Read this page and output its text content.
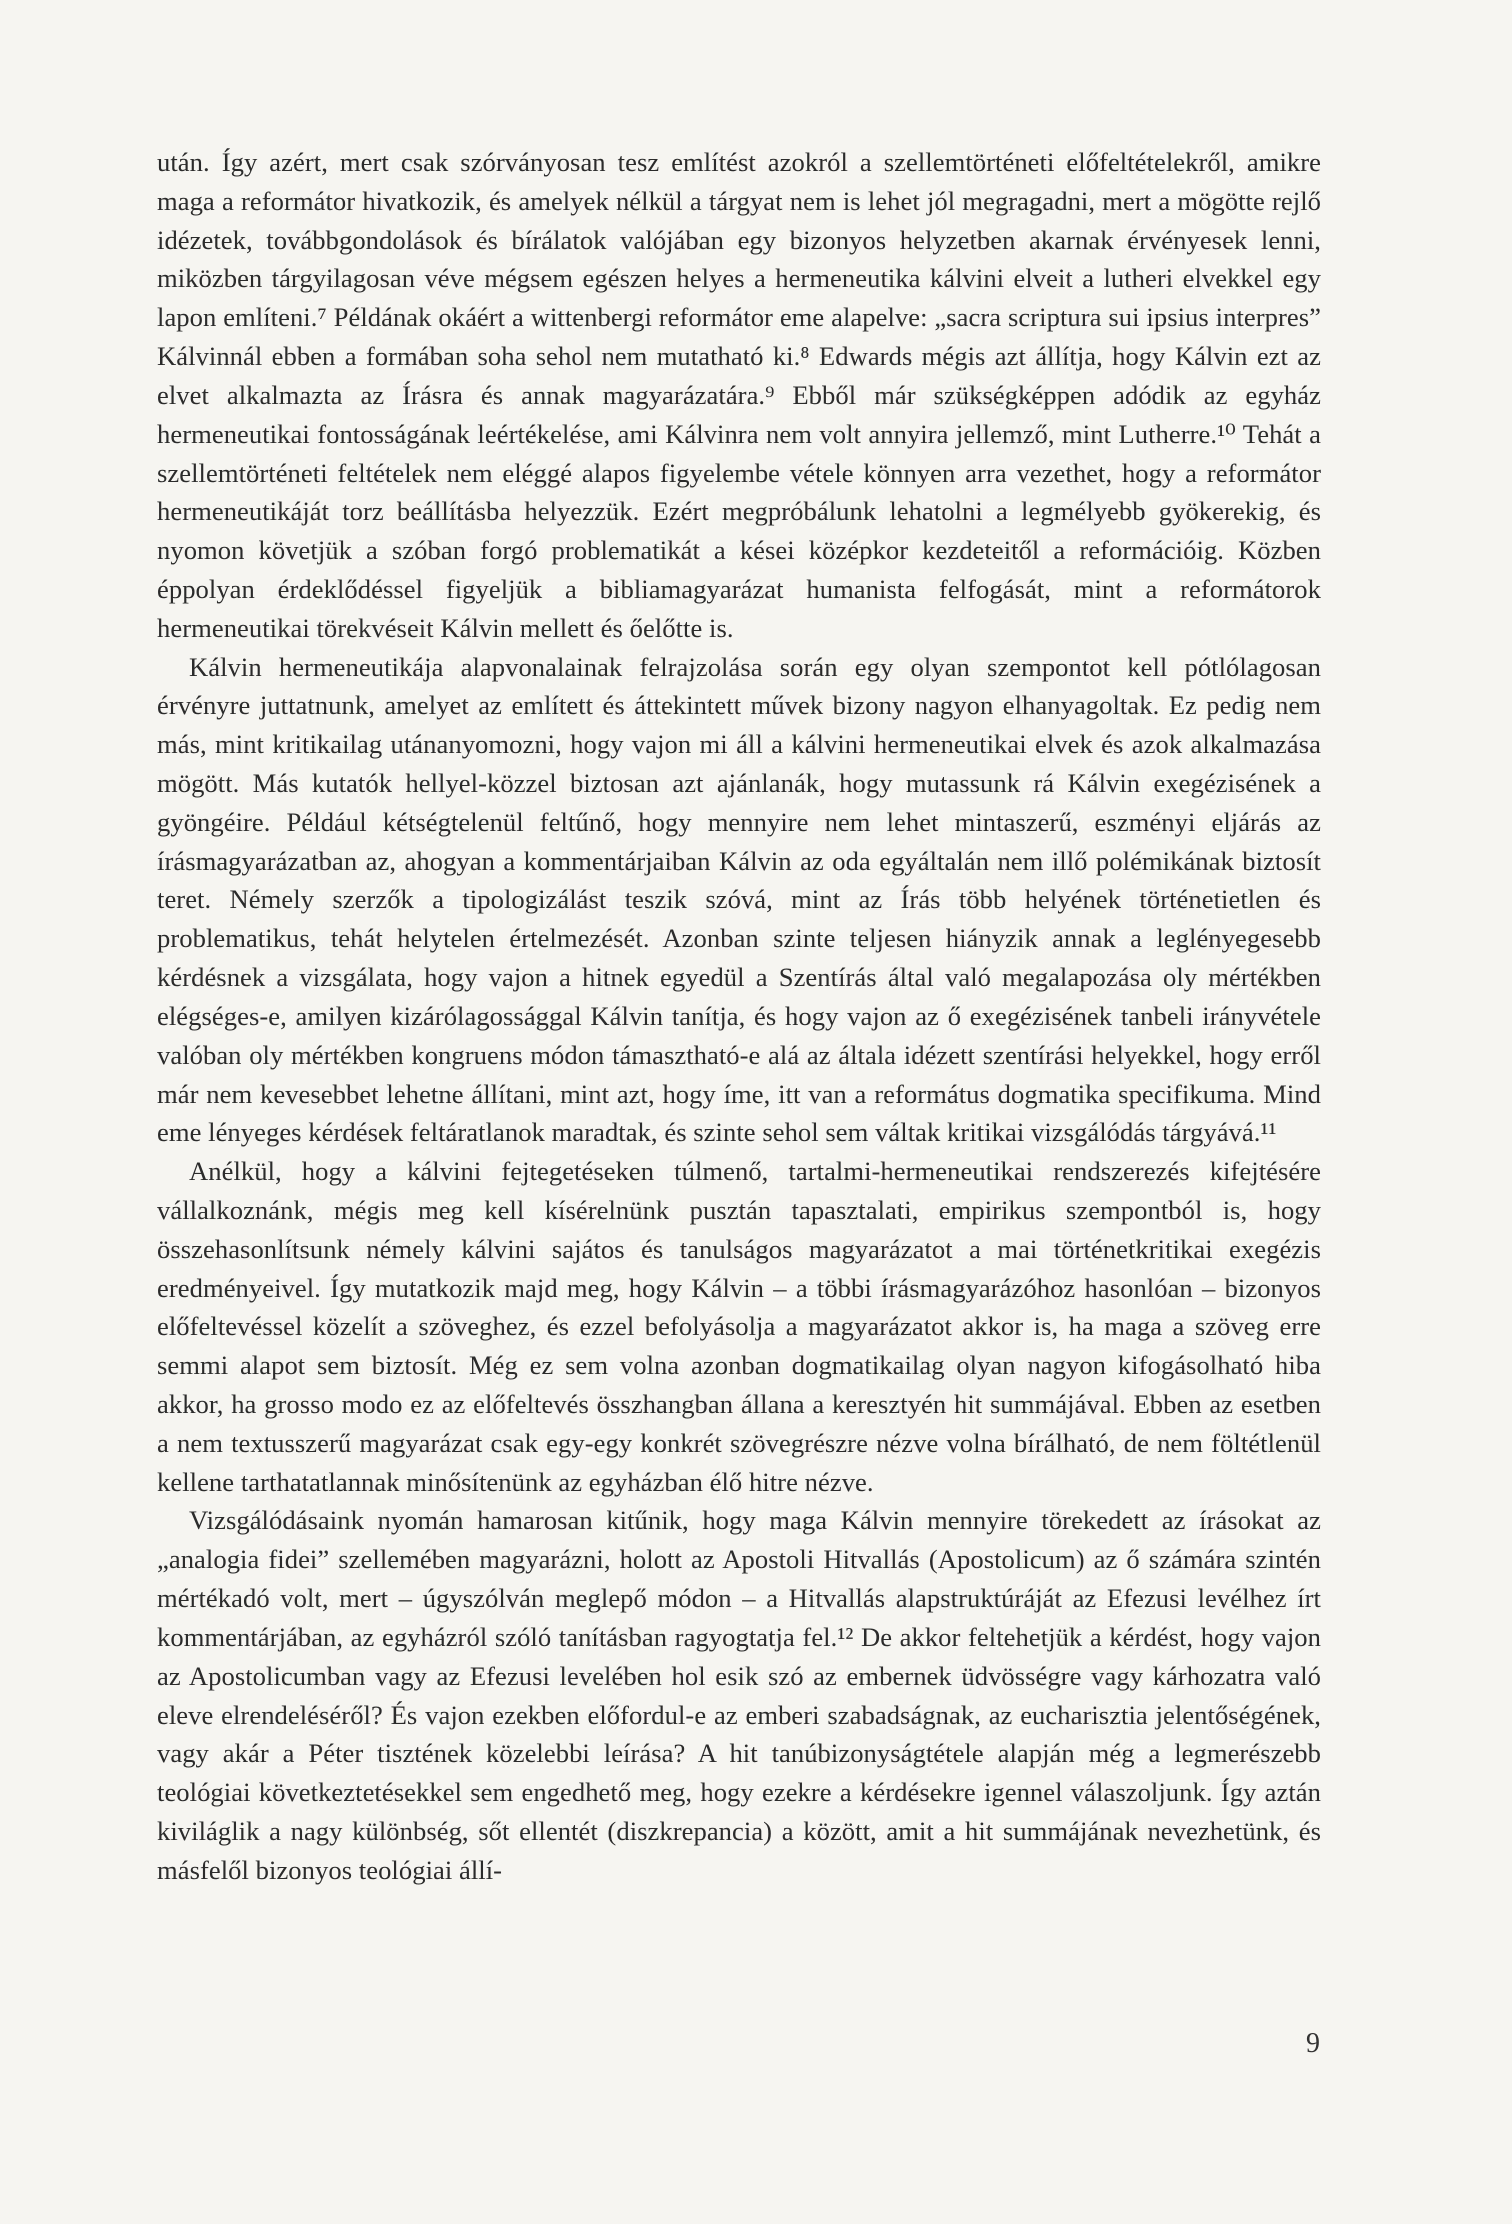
után. Így azért, mert csak szórványosan tesz említést azokról a szellemtörténeti előfeltételekről, amikre maga a reformátor hivatkozik, és amelyek nélkül a tárgyat nem is lehet jól megragadni, mert a mögötte rejlő idézetek, továbbgondolások és bírálatok valójában egy bizonyos helyzetben akarnak érvényesek lenni, miközben tárgyilagosan véve mégsem egészen helyes a hermeneutika kálvini elveit a lutheri elvekkel egy lapon említeni.⁷ Példának okáért a wittenbergi reformátor eme alapelve: „sacra scriptura sui ipsius interpres” Kálvinnál ebben a formában soha sehol nem mutatható ki.⁸ Edwards mégis azt állítja, hogy Kálvin ezt az elvet alkalmazta az Írásra és annak magyarázatára.⁹ Ebből már szükségképpen adódik az egyház hermeneutikai fontosságának leértékelése, ami Kálvinra nem volt annyira jellemző, mint Lutherre.¹⁰ Tehát a szellemtörténeti feltételek nem eléggé alapos figyelembe vétele könnyen arra vezethet, hogy a reformátor hermeneutikáját torz beállításba helyezzük. Ezért megpróbálunk lehatolni a legmélyebb gyökerekig, és nyomon követjük a szóban forgó problematikát a kései középkor kezdeteitől a reformációig. Közben éppolyan érdeklődéssel figyeljük a bibliamagyarázat humanista felfogását, mint a reformátorok hermeneutikai törekvéseit Kálvin mellett és őelőtte is.

Kálvin hermeneutikája alapvonalainak felrajzolása során egy olyan szempontot kell pótlólagosan érvényre juttatnunk, amelyet az említett és áttekintett művek bizony nagyon elhanyagoltak. Ez pedig nem más, mint kritikailag utánanyomozni, hogy vajon mi áll a kálvini hermeneutikai elvek és azok alkalmazása mögött. Más kutatók hellyel-közzel biztosan azt ajánlanák, hogy mutassunk rá Kálvin exegézisének a gyöngéire. Például kétségtelenül feltűnő, hogy mennyire nem lehet mintaszerű, eszményi eljárás az írásmagyarázatban az, ahogyan a kommentárjaiban Kálvin az oda egyáltalán nem illő polémikának biztosít teret. Némely szerzők a tipologizálást teszik szóvá, mint az Írás több helyének történetietlen és problematikus, tehát helytelen értelmezését. Azonban szinte teljesen hiányzik annak a leglényegesebb kérdésnek a vizsgálata, hogy vajon a hitnek egyedül a Szentírás által való megalapozása oly mértékben elégséges-e, amilyen kizárólagossággal Kálvin tanítja, és hogy vajon az ő exegézisének tanbeli irányvétele valóban oly mértékben kongruens módon támasztható-e alá az általa idézett szentírási helyekkel, hogy erről már nem kevesebbet lehetne állítani, mint azt, hogy íme, itt van a református dogmatika specifikuma. Mind eme lényeges kérdések feltáratlanok maradtak, és szinte sehol sem váltak kritikai vizsgálódás tárgyává.¹¹

Anélkül, hogy a kálvini fejtegetéseken túlmenő, tartalmi-hermeneutikai rendszerezés kifejtésére vállalkoznánk, mégis meg kell kísérelnünk pusztán tapasztalati, empirikus szempontból is, hogy összehasonlítsunk némely kálvini sajátos és tanulságos magyarázatot a mai történetkritikai exegézis eredményeivel. Így mutatkozik majd meg, hogy Kálvin – a többi írásmagyarázóhoz hasonlóan – bizonyos előfeltevéssel közelít a szöveghez, és ezzel befolyásolja a magyarázatot akkor is, ha maga a szöveg erre semmi alapot sem biztosít. Még ez sem volna azonban dogmatikailag olyan nagyon kifogásolható hiba akkor, ha grosso modo ez az előfeltevés összhangban állana a keresztyén hit summájával. Ebben az esetben a nem textusszerű magyarázat csak egy-egy konkrét szövegrészre nézve volna bírálható, de nem föltétlenül kellene tarthatatlannak minősítenünk az egyházban élő hitre nézve.

Vizsgálódásaink nyomán hamarosan kitűnik, hogy maga Kálvin mennyire törekedett az írásokat az „analogia fidei” szellemében magyarázni, holott az Apostoli Hitvallás (Apostolicum) az ő számára szintén mértékadó volt, mert – úgyszólván meglepő módon – a Hitvallás alapstruktúráját az Efezusi levélhez írt kommentárjában, az egyházról szóló tanításban ragyogtatja fel.¹² De akkor feltehetjük a kérdést, hogy vajon az Apostolicumban vagy az Efezusi levelében hol esik szó az embernek üdvösségre vagy kárhozatra való eleve elrendeléséről? És vajon ezekben előfordul-e az emberi szabadságnak, az eucharisztia jelentőségének, vagy akár a Péter tisztének közelebbi leírása? A hit tanúbizonyságtétele alapján még a legmerészebb teológiai következtetésekkel sem engedhető meg, hogy ezekre a kérdésekre igennel válaszoljunk. Így aztán kiviláglik a nagy különbség, sőt ellentét (diszkrepancia) a között, amit a hit summájának nevezhetünk, és másfelől bizonyos teológiai állí-

9
